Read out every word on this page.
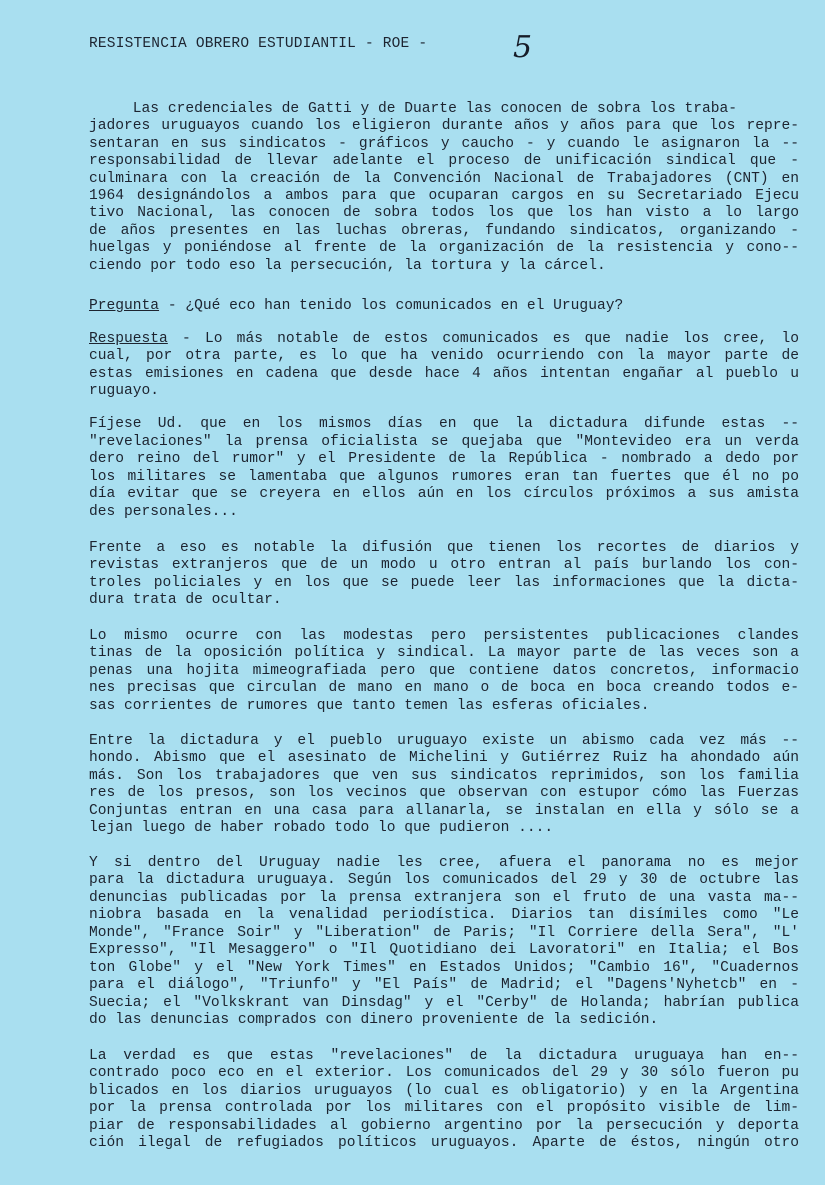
RESISTENCIA OBRERO ESTUDIANTIL - ROE -	5
Las credenciales de Gatti y de Duarte las conocen de sobra los traba-
jadores uruguayos cuando los eligieron durante años y años para que los repre-
sentaran en sus sindicatos - gráficos y caucho - y cuando le asignaron la --
responsabilidad de llevar adelante el proceso de unificación sindical que -
culminara con la creación de la Convención Nacional de Trabajadores (CNT) en
1964 designándolos a ambos para que ocuparan cargos en su Secretariado Ejecu
tivo Nacional, las conocen de sobra todos los que los han visto a lo largo
de años presentes en las luchas obreras, fundando sindicatos, organizando -
huelgas y poniéndose al frente de la organización de la resistencia y cono--
ciendo por todo eso la persecución, la tortura y la cárcel.
Pregunta - ¿Qué eco han tenido los comunicados en el Uruguay?
Respuesta - Lo más notable de estos comunicados es que nadie los cree, lo
cual, por otra parte, es lo que ha venido ocurriendo con la mayor parte de
estas emisiones en cadena que desde hace 4 años intentan engañar al pueblo u
ruguayo.
Fíjese Ud. que en los mismos días en que la dictadura difunde estas --
"revelaciones" la prensa oficialista se quejaba que "Montevideo era un verda
dero reino del rumor" y el Presidente de la República - nombrado a dedo por
los militares se lamentaba que algunos rumores eran tan fuertes que él no po
día evitar que se creyera en ellos aún en los círculos próximos a sus amista
des personales...
Frente a eso es notable la difusión que tienen los recortes de diarios y
revistas extranjeros que de un modo u otro entran al país burlando los con-
troles policiales y en los que se puede leer las informaciones que la dicta-
dura trata de ocultar.
Lo mismo ocurre con las modestas pero persistentes publicaciones clandes
tinas de la oposición política y sindical. La mayor parte de las veces son a
penas una hojita mimeografiada pero que contiene datos concretos, informacio
nes precisas que circulan de mano en mano o de boca en boca creando todos e-
sas corrientes de rumores que tanto temen las esferas oficiales.
Entre la dictadura y el pueblo uruguayo existe un abismo cada vez más --
hondo. Abismo que el asesinato de Michelini y Gutiérrez Ruiz ha ahondado aún
más. Son los trabajadores que ven sus sindicatos reprimidos, son los familia
res de los presos, son los vecinos que observan con estupor cómo las Fuerzas
Conjuntas entran en una casa para allanarla, se instalan en ella y sólo se a
lejan luego de haber robado todo lo que pudieron ....
Y si dentro del Uruguay nadie les cree, afuera el panorama no es mejor
para la dictadura uruguaya. Según los comunicados del 29 y 30 de octubre las
denuncias publicadas por la prensa extranjera son el fruto de una vasta ma--
niobra basada en la venalidad periodística. Diarios tan disímiles como "Le
Monde", "France Soir" y "Liberation" de Paris; "Il Corriere della Sera", "L'
Expresso", "Il Mesaggero" o "Il Quotidiano dei Lavoratori" en Italia; el Bos
ton Globe" y el "New York Times" en Estados Unidos; "Cambio 16", "Cuadernos
para el diálogo", "Triunfo" y "El País" de Madrid; el "Dagens'Nyhetcb" en -
Suecia; el "Volkskrant van Dinsdag" y el "Cerby" de Holanda; habrían publica
do las denuncias comprados con dinero proveniente de la sedición.
La verdad es que estas "revelaciones" de la dictadura uruguaya han en--
contrado poco eco en el exterior. Los comunicados del 29 y 30 sólo fueron pu
blicados en los diarios uruguayos (lo cual es obligatorio) y en la Argentina
por la prensa controlada por los militares con el propósito visible de lim-
piar de responsabilidades al gobierno argentino por la persecución y deporta
ción ilegal de refugiados políticos uruguayos. Aparte de éstos, ningún otro
